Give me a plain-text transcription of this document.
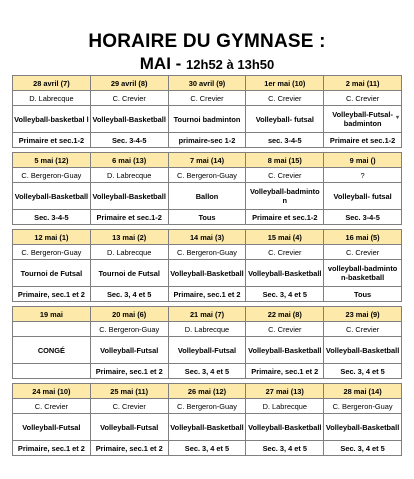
HORAIRE DU GYMNASE :
MAI - 12h52 à 13h50
28 avril (7)	29 avril (8)	30 avril (9)	1er mai (10)	2 mai (11)
D. Labrecque	C. Crevier	C. Crevier	C. Crevier	C. Crevier
Volleyball-basketbal l	Volleyball-Basketball	Tournoi badminton	Volleyball- futsal	Volleyball-Futsal-badminton
▾

Primaire et sec.1-2	Sec. 3-4-5	primaire-sec 1-2	sec. 3-4-5	Primaire et sec.1-2

5 mai (12)	6 mai (13)	7 mai (14)	8 mai (15)	9 mai ()
C. Bergeron-Guay	D. Labrecque	C. Bergeron-Guay	C. Crevier	?
Volleyball-Basketball	Volleyball-Basketball	Ballon	Volleyball-badminto n	Volleyball- futsal
Sec. 3-4-5	Primaire et sec.1-2	Tous	Primaire et sec.1-2	Sec. 3-4-5

12 mai (1)	13 mai (2)	14 mai (3)	15 mai (4)	16 mai (5)
C. Bergeron-Guay	D. Labrecque	C. Bergeron-Guay	C. Crevier	C. Crevier
Tournoi de Futsal	Tournoi de Futsal	Volleyball-Basketball	Volleyball-Basketball	volleyball-badminto n-basketball
Primaire, sec.1 et 2	Sec. 3, 4 et 5	Primaire, sec.1 et 2	Sec. 3, 4 et 5	Tous

19 mai	20 mai (6)	21 mai (7)	22 mai (8)	23 mai (9)
	C. Bergeron-Guay	D. Labrecque	C. Crevier	C. Crevier
CONGÉ	Volleyball-Futsal	Volleyball-Futsal	Volleyball-Basketball	Volleyball-Basketball
	Primaire, sec.1 et 2	Sec. 3, 4 et 5	Primaire, sec.1 et 2	Sec. 3, 4 et 5

24 mai (10)	25 mai (11)	26 mai (12)	27 mai (13)	28 mai (14)
C. Crevier	C. Crevier	C. Bergeron-Guay	D. Labrecque	C. Bergeron-Guay
Volleyball-Futsal	Volleyball-Futsal	Volleyball-Basketball	Volleyball-Basketball	Volleyball-Basketball
Primaire, sec.1 et 2	Primaire, sec.1 et 2	Sec. 3, 4 et 5	Sec. 3, 4 et 5	Sec. 3, 4 et 5
